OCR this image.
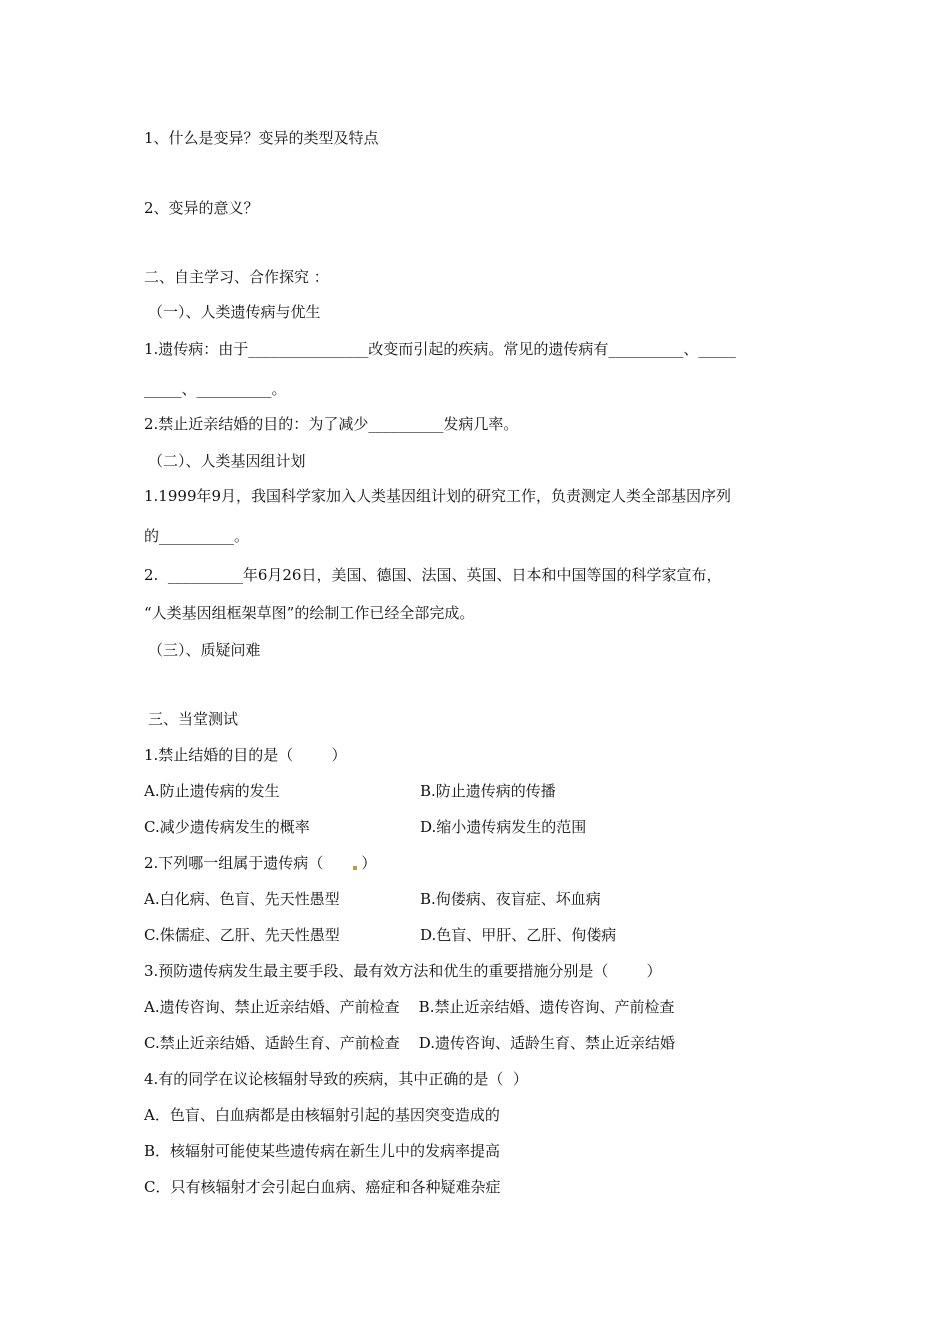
1、什么是变异？变异的类型及特点
2、变异的意义？
二、自主学习、合作探究 ：
（一）、人类遗传病与优生
1.遗传病：由于________________改变而引起的疾病。常见的遗传病有__________、_____
_____、__________。
2.禁止近亲结婚的目的：为了减少__________发病几率。
（二）、人类基因组计划
1.1999年9月，我国科学家加入人类基因组计划的研究工作，负责测定人类全部基因序列
的__________。
2.  __________年6月26日，美国、德国、法国、英国、日本和中国等国的科学家宣布，
“人类基因组框架草图”的绘制工作已经全部完成。
（三）、质疑问难
三、当堂测试
1.禁止结婚的目的是（        ）
A.防止遗传病的发生	B.防止遗传病的传播
C.减少遗传病发生的概率	D.缩小遗传病发生的范围
2.下列哪一组属于遗传病（	）
A.白化病、色盲、先天性愚型	B.佝偻病、夜盲症、坏血病
C.侏儒症、乙肝、先天性愚型	D.色盲、甲肝、乙肝、佝偻病
3.预防遗传病发生最主要手段、最有效方法和优生的重要措施分别是（        ）
A.遗传咨询、禁止近亲结婚、产前检查    B.禁止近亲结婚、遗传咨询、产前检查
C.禁止近亲结婚、适龄生育、产前检查    D.遗传咨询、适龄生育、禁止近亲结婚
4.有的同学在议论核辐射导致的疾病，其中正确的是（  ）
A．色盲、白血病都是由核辐射引起的基因突变造成的
B．核辐射可能使某些遗传病在新生儿中的发病率提高
C．只有核辐射才会引起白血病、癌症和各种疑难杂症
